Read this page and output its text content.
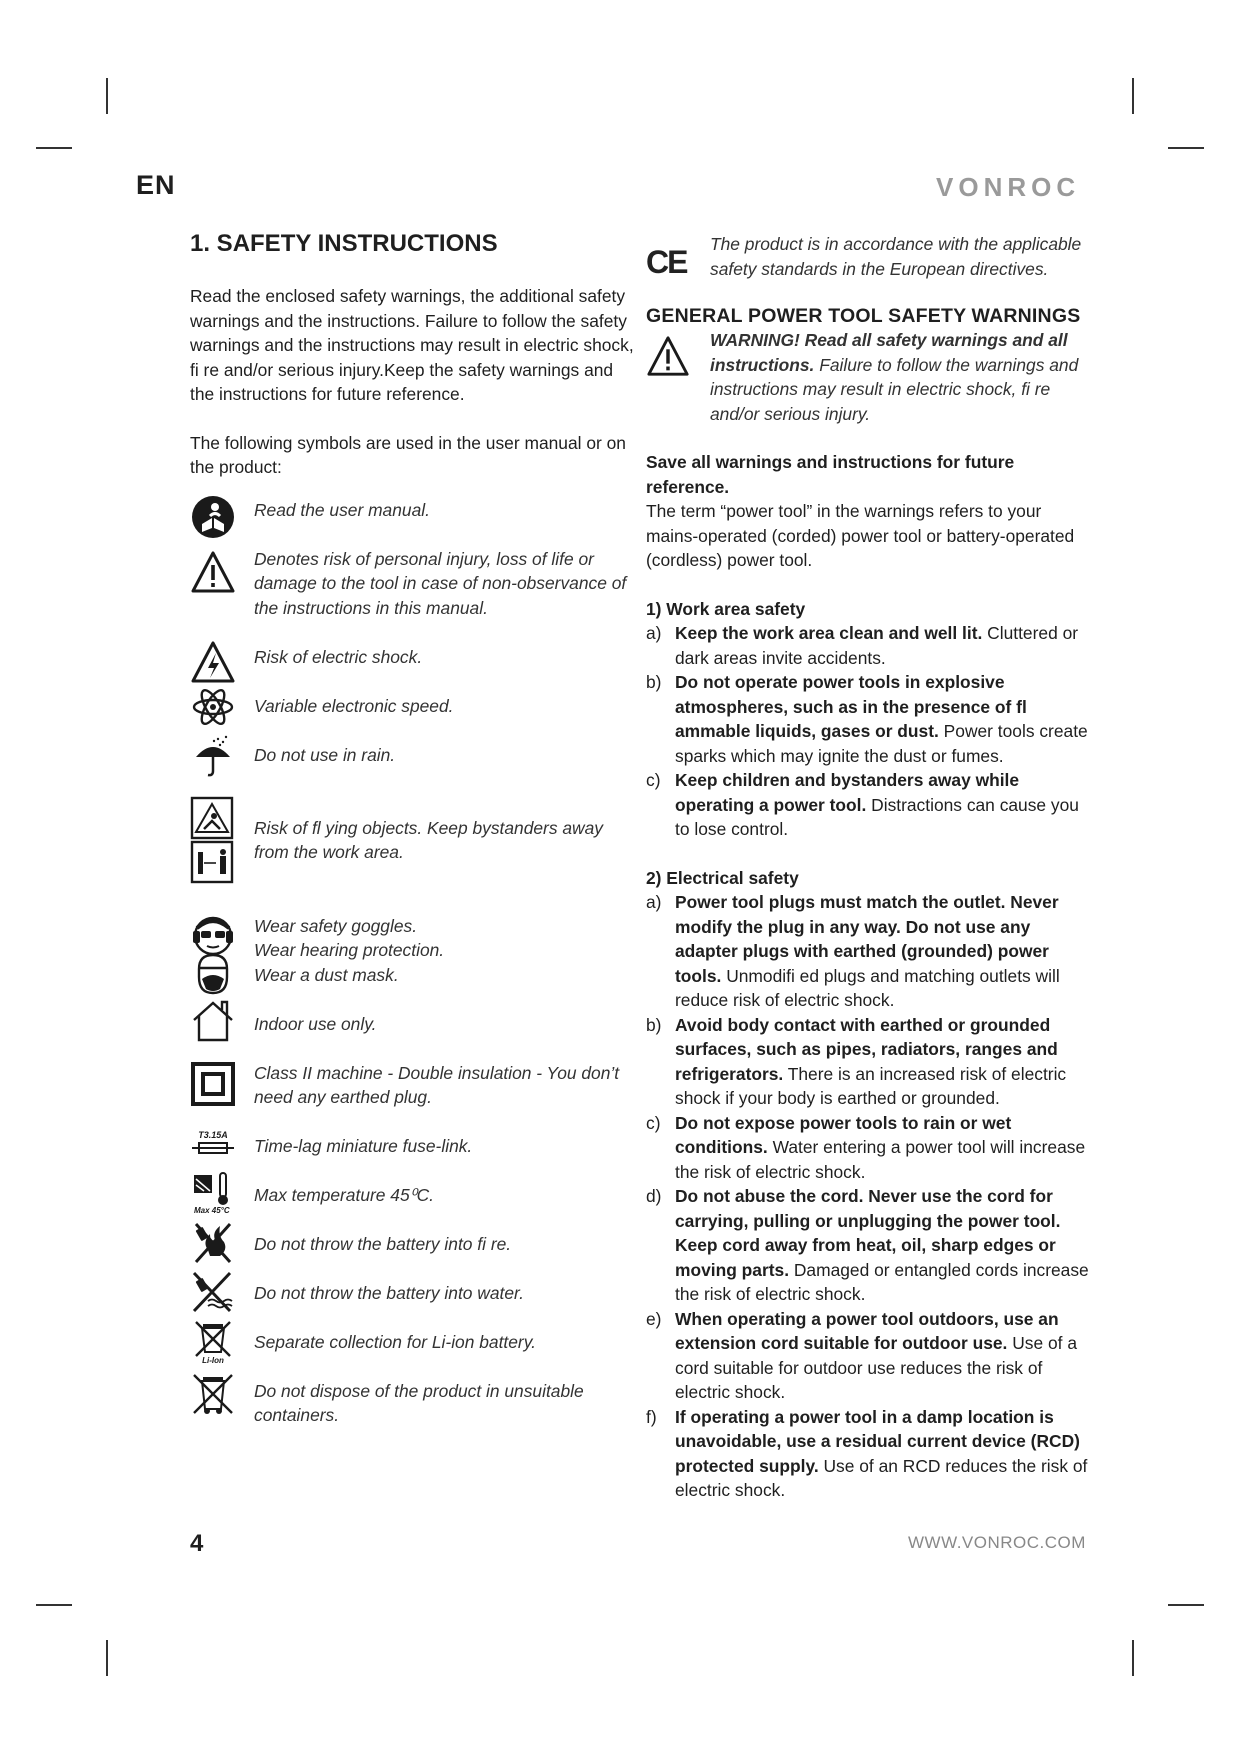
EN	VONROC
1. SAFETY INSTRUCTIONS

Read the enclosed safety warnings, the additional safety warnings and the instructions. Failure to follow the safety warnings and the instructions may result in electric shock, fi re and/or serious injury.Keep the safety warnings and the instructions for future reference.

The following symbols are used in the user manual or on the product:

Read the user manual.
Denotes risk of personal injury, loss of life or damage to the tool in case of non-observance of the instructions in this manual.
Risk of electric shock.
Variable electronic speed.
Do not use in rain.
Risk of fl ying objects. Keep bystanders away from the work area.
Wear safety goggles.
Wear hearing protection.
Wear a dust mask.
Indoor use only.
Class II machine - Double insulation - You don’t need any earthed plug.
T3.15A
Time-lag miniature fuse-link.
Max 45°C
Max temperature 45⁰C.
Do not throw the battery into fi re.
Do not throw the battery into water.
Li-Ion
Separate collection for Li-ion battery.
Do not dispose of the product in unsuitable containers.
CE The product is in accordance with the applicable safety standards in the European directives.
GENERAL POWER TOOL SAFETY WARNINGS
WARNING! Read all safety warnings and all instructions. Failure to follow the warnings and instructions may result in electric shock, fi re and/or serious injury.

Save all warnings and instructions for future reference.
The term “power tool” in the warnings refers to your mains-operated (corded) power tool or battery-operated (cordless) power tool.

1) Work area safety
a) Keep the work area clean and well lit. Cluttered or dark areas invite accidents.
b) Do not operate power tools in explosive atmospheres, such as in the presence of fl ammable liquids, gases or dust. Power tools create sparks which may ignite the dust or fumes.
c) Keep children and bystanders away while operating a power tool. Distractions can cause you to lose control.
2) Electrical safety
a) Power tool plugs must match the outlet. Never modify the plug in any way. Do not use any adapter plugs with earthed (grounded) power tools. Unmodifi ed plugs and matching outlets will reduce risk of electric shock.
b) Avoid body contact with earthed or grounded surfaces, such as pipes, radiators, ranges and refrigerators. There is an increased risk of electric shock if your body is earthed or grounded.
c) Do not expose power tools to rain or wet conditions. Water entering a power tool will increase the risk of electric shock.
d) Do not abuse the cord. Never use the cord for carrying, pulling or unplugging the power tool. Keep cord away from heat, oil, sharp edges or moving parts. Damaged or entangled cords increase the risk of electric shock.
e) When operating a power tool outdoors, use an extension cord suitable for outdoor use. Use of a cord suitable for outdoor use reduces the risk of electric shock.
f) If operating a power tool in a damp location is unavoidable, use a residual current device (RCD) protected supply. Use of an RCD reduces the risk of electric shock.
4	WWW.VONROC.COM
